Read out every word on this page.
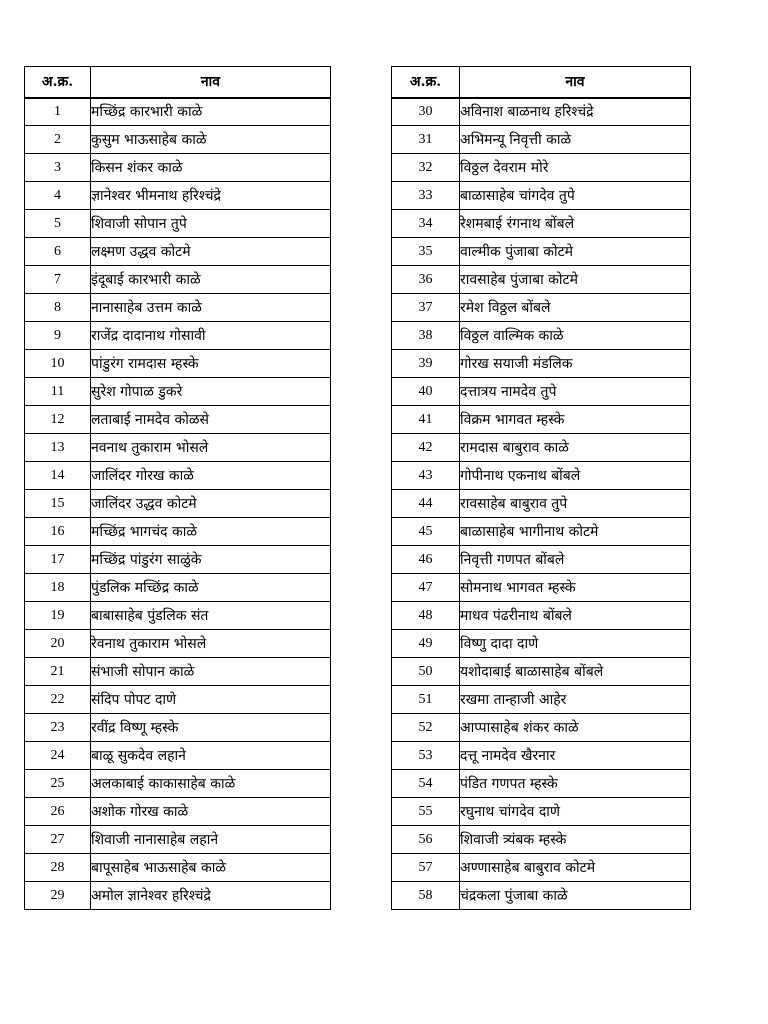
अ.क्र.	नाव
1	मच्छिंद्र कारभारी काळे
2	कुसुम भाऊसाहेब काळे
3	किसन शंकर काळे
4	ज्ञानेश्वर भीमनाथ हरिश्चंद्रे
5	शिवाजी सोपान तुपे
6	लक्ष्मण उद्धव कोटमे
7	इंदूबाई कारभारी काळे
8	नानासाहेब उत्तम काळे
9	राजेंद्र दादानाथ गोसावी
10	पांडुरंग रामदास म्हस्के
11	सुरेश गोपाळ डुकरे
12	लताबाई नामदेव कोळसे
13	नवनाथ तुकाराम भोसले
14	जालिंदर गोरख काळे
15	जालिंदर उद्धव कोटमे
16	मच्छिंद्र भागचंद काळे
17	मच्छिंद्र पांडुरंग साळुंके
18	पुंडलिक मच्छिंद्र काळे
19	बाबासाहेब पुंडलिक संत
20	रेवनाथ तुकाराम भोसले
21	संभाजी सोपान काळे
22	संदिप पोपट दाणे
23	रवींद्र विष्णू म्हस्के
24	बाळू सुकदेव लहाने
25	अलकाबाई काकासाहेब काळे
26	अशोक गोरख काळे
27	शिवाजी नानासाहेब लहाने
28	बापूसाहेब भाऊसाहेब काळे
29	अमोल ज्ञानेश्वर हरिश्चंद्रे
अ.क्र.	नाव
30	अविनाश बाळनाथ हरिश्चंद्रे
31	अभिमन्यू निवृत्ती काळे
32	विठ्ठल देवराम मोरे
33	बाळासाहेब चांगदेव तुपे
34	रेशमबाई रंगनाथ बोंबले
35	वाल्मीक पुंजाबा कोटमे
36	रावसाहेब पुंजाबा कोटमे
37	रमेश विठ्ठल बोंबले
38	विठ्ठल वाल्मिक काळे
39	गोरख सयाजी मंडलिक
40	दत्तात्रय नामदेव तुपे
41	विक्रम भागवत म्हस्के
42	रामदास बाबुराव काळे
43	गोपीनाथ एकनाथ बोंबले
44	रावसाहेब बाबुराव तुपे
45	बाळासाहेब भागीनाथ कोटमे
46	निवृत्ती गणपत बोंबले
47	सोमनाथ भागवत म्हस्के
48	माधव पंढरीनाथ बोंबले
49	विष्णु दादा दाणे
50	यशोदाबाई बाळासाहेब बोंबले
51	रखमा तान्हाजी आहेर
52	आप्पासाहेब शंकर काळे
53	दत्तू नामदेव खैरनार
54	पंडित गणपत म्हस्के
55	रघुनाथ चांगदेव दाणे
56	शिवाजी त्र्यंबक म्हस्के
57	अण्णासाहेब बाबुराव कोटमे
58	चंद्रकला पुंजाबा काळे
